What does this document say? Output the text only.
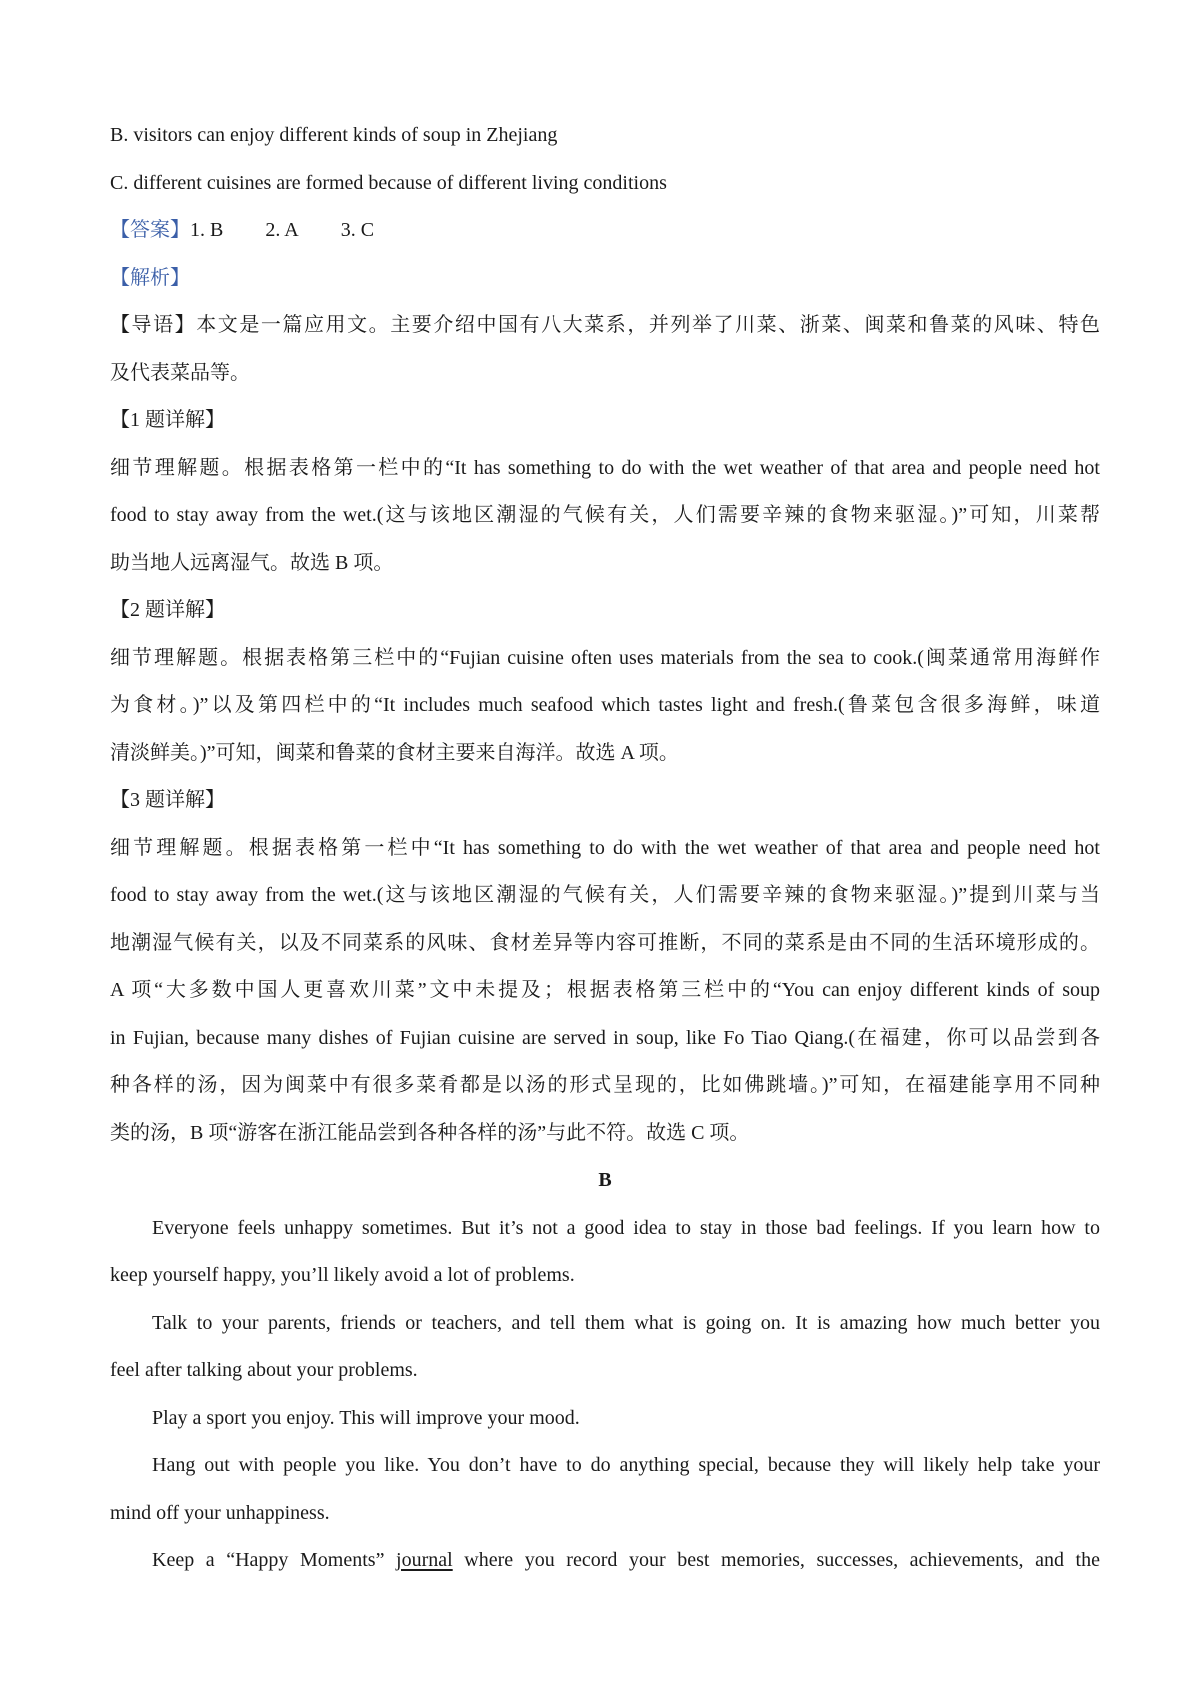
B. visitors can enjoy different kinds of soup in Zhejiang
C. different cuisines are formed because of different living conditions
【答案】1. B 2. A 3. C
【解析】
【导语】本文是一篇应用文。主要介绍中国有八大菜系，并列举了川菜、浙菜、闽菜和鲁菜的风味、特色
及代表菜品等。
【1 题详解】
细节理解题。根据表格第一栏中的“It has something to do with the wet weather of that area and people need hot
food to stay away from the wet.(这与该地区潮湿的气候有关，人们需要辛辣的食物来驱湿。)”可知，川菜帮
助当地人远离湿气。故选 B 项。
【2 题详解】
细节理解题。根据表格第三栏中的“Fujian cuisine often uses materials from the sea to cook.(闽菜通常用海鲜作
为食材。)”以及第四栏中的“It includes much seafood which tastes light and fresh.(鲁菜包含很多海鲜，味道
清淡鲜美。)”可知，闽菜和鲁菜的食材主要来自海洋。故选 A 项。
【3 题详解】
细节理解题。根据表格第一栏中“It has something to do with the wet weather of that area and people need hot
food to stay away from the wet.(这与该地区潮湿的气候有关，人们需要辛辣的食物来驱湿。)”提到川菜与当
地潮湿气候有关，以及不同菜系的风味、食材差异等内容可推断，不同的菜系是由不同的生活环境形成的。
A 项“大多数中国人更喜欢川菜”文中未提及；根据表格第三栏中的“You can enjoy different kinds of soup
in Fujian, because many dishes of Fujian cuisine are served in soup, like Fo Tiao Qiang.(在福建，你可以品尝到各
种各样的汤，因为闽菜中有很多菜肴都是以汤的形式呈现的，比如佛跳墙。)”可知，在福建能享用不同种
类的汤，B 项“游客在浙江能品尝到各种各样的汤”与此不符。故选 C 项。
B
Everyone feels unhappy sometimes. But it’s not a good idea to stay in those bad feelings. If you learn how to
keep yourself happy, you’ll likely avoid a lot of problems.
Talk to your parents, friends or teachers, and tell them what is going on. It is amazing how much better you
feel after talking about your problems.
Play a sport you enjoy. This will improve your mood.
Hang out with people you like. You don’t have to do anything special, because they will likely help take your
mind off your unhappiness.
Keep a “Happy Moments” journal where you record your best memories, successes, achievements, and the
